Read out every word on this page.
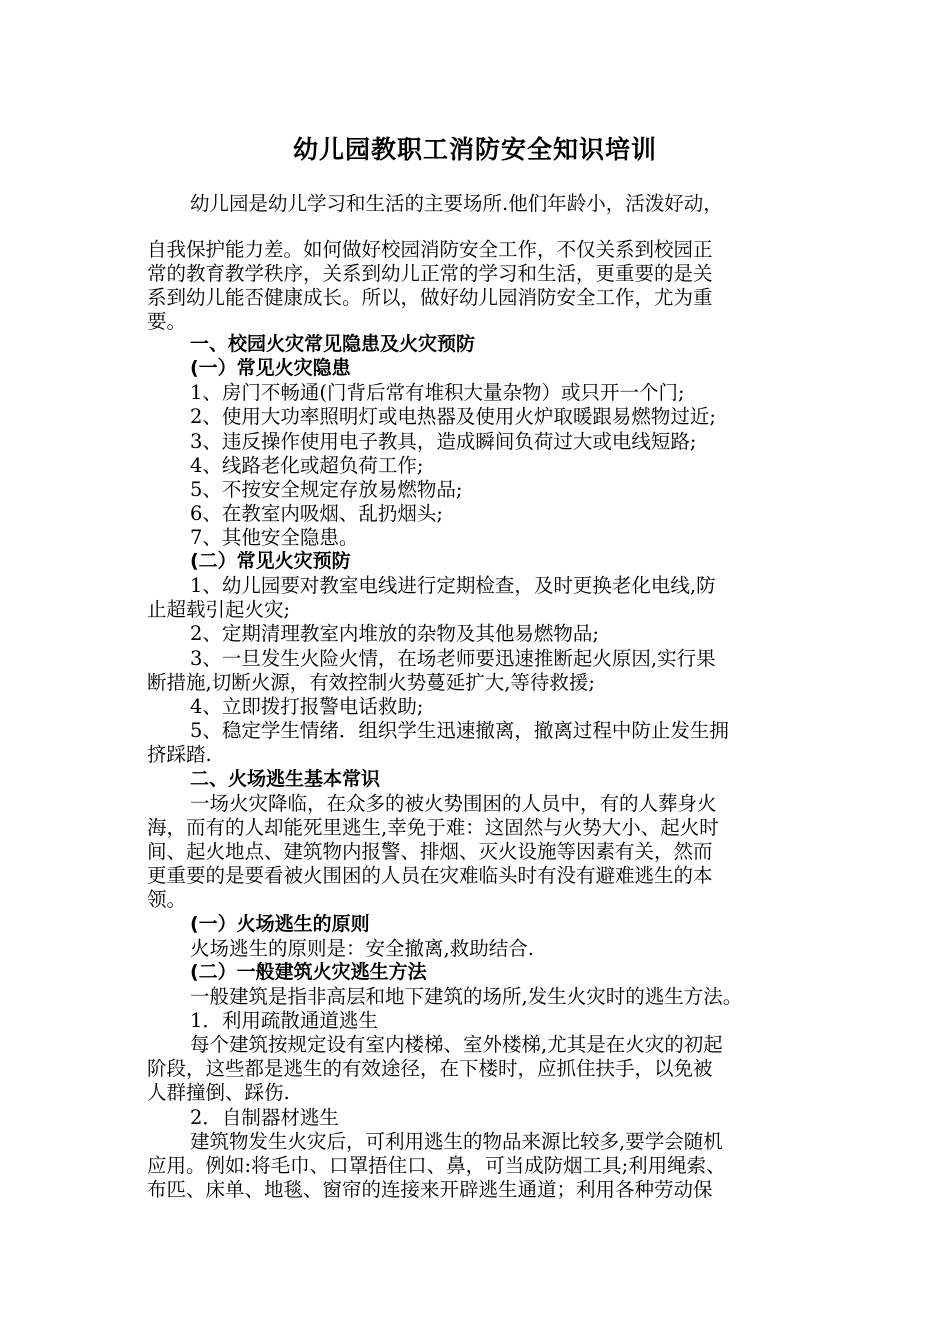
幼儿园教职工消防安全知识培训
幼儿园是幼儿学习和生活的主要场所.他们年龄小，活泼好动，
自我保护能力差。如何做好校园消防安全工作，不仅关系到校园正
常的教育教学秩序，关系到幼儿正常的学习和生活，更重要的是关
系到幼儿能否健康成长。所以，做好幼儿园消防安全工作，尤为重
要。
一、校园火灾常见隐患及火灾预防
(一）常见火灾隐患
1、房门不畅通(门背后常有堆积大量杂物）或只开一个门;
2、使用大功率照明灯或电热器及使用火炉取暖跟易燃物过近;
3、违反操作使用电子教具，造成瞬间负荷过大或电线短路;
4、线路老化或超负荷工作;
5、不按安全规定存放易燃物品;
6、在教室内吸烟、乱扔烟头;
7、其他安全隐患。
(二）常见火灾预防
1、幼儿园要对教室电线进行定期检查，及时更换老化电线,防
止超载引起火灾;
2、定期清理教室内堆放的杂物及其他易燃物品;
3、一旦发生火险火情，在场老师要迅速推断起火原因,实行果
断措施,切断火源，有效控制火势蔓延扩大,等待救援;
4、立即拨打报警电话救助;
5、稳定学生情绪．组织学生迅速撤离，撤离过程中防止发生拥
挤踩踏.
二、火场逃生基本常识
一场火灾降临，在众多的被火势围困的人员中，有的人葬身火
海，而有的人却能死里逃生,幸免于难：这固然与火势大小、起火时
间、起火地点、建筑物内报警、排烟、灭火设施等因素有关，然而
更重要的是要看被火围困的人员在灾难临头时有没有避难逃生的本
领。
(一）火场逃生的原则
火场逃生的原则是：安全撤离,救助结合.
(二）一般建筑火灾逃生方法
一般建筑是指非高层和地下建筑的场所,发生火灾时的逃生方法。
1．利用疏散通道逃生
每个建筑按规定设有室内楼梯、室外楼梯,尤其是在火灾的初起
阶段，这些都是逃生的有效途径，在下楼时，应抓住扶手，以免被
人群撞倒、踩伤.
2．自制器材逃生
建筑物发生火灾后，可利用逃生的物品来源比较多,要学会随机
应用。例如:将毛巾、口罩捂住口、鼻，可当成防烟工具;利用绳索、
布匹、床单、地毯、窗帘的连接来开辟逃生通道；利用各种劳动保
